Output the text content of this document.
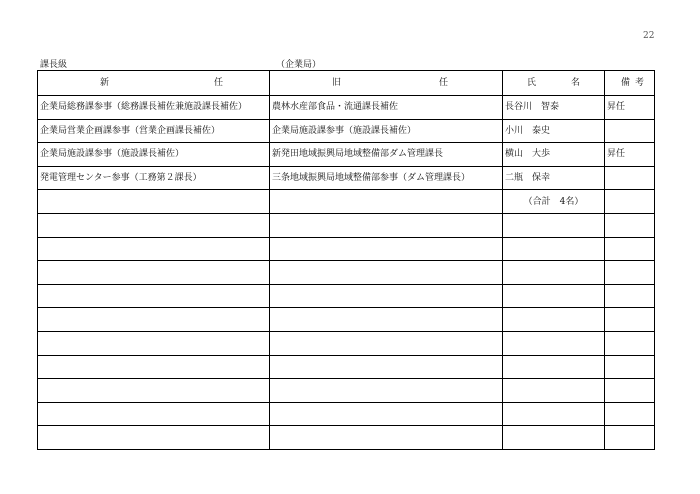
22
課長級	（企業局）
新 任	旧 任	氏 名	備 考

企業局総務課参事（総務課長補佐兼施設課長補佐）	農林水産部食品・流通課長補佐	長谷川　智泰	昇任
企業局営業企画課参事（営業企画課長補佐）	企業局施設課参事（施設課長補佐）	小川　泰史	
企業局施設課参事（施設課長補佐）	新発田地域振興局地域整備部ダム管理課長	横山　大歩	昇任
発電管理センター参事（工務第２課長）	三条地域振興局地域整備部参事（ダム管理課長）	二瓶　保幸	
		（合計　4名）	
